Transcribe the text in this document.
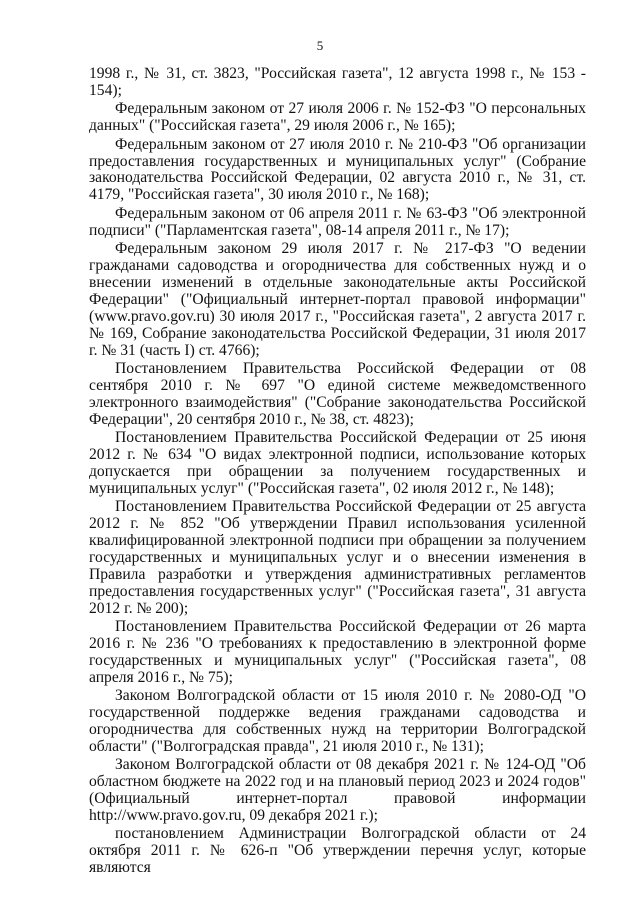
5

1998 г., № 31, ст. 3823, "Российская газета", 12 августа 1998 г., № 153 - 154);

Федеральным законом от 27 июля 2006 г. № 152-ФЗ "О персональных данных" ("Российская газета", 29 июля 2006 г., № 165);

Федеральным законом от 27 июля 2010 г. № 210-ФЗ "Об организации предоставления государственных и муниципальных услуг" (Собрание законодательства Российской Федерации, 02 августа 2010 г., № 31, ст. 4179, "Российская газета", 30 июля 2010 г., № 168);

Федеральным законом от 06 апреля 2011 г. № 63-ФЗ "Об электронной подписи" ("Парламентская газета", 08-14 апреля 2011 г., № 17);

Федеральным законом 29 июля 2017 г. № 217-ФЗ "О ведении гражданами садоводства и огородничества для собственных нужд и о внесении изменений в отдельные законодательные акты Российской Федерации" ("Официальный интернет-портал правовой информации" (www.pravo.gov.ru) 30 июля 2017 г., "Российская газета", 2 августа 2017 г. № 169, Собрание законодательства Российской Федерации, 31 июля 2017 г. № 31 (часть I) ст. 4766);

Постановлением Правительства Российской Федерации от 08 сентября 2010 г. № 697 "О единой системе межведомственного электронного взаимодействия" ("Собрание законодательства Российской Федерации", 20 сентября 2010 г., № 38, ст. 4823);

Постановлением Правительства Российской Федерации от 25 июня 2012 г. № 634 "О видах электронной подписи, использование которых допускается при обращении за получением государственных и муниципальных услуг" ("Российская газета", 02 июля 2012 г., № 148);

Постановлением Правительства Российской Федерации от 25 августа 2012 г. № 852 "Об утверждении Правил использования усиленной квалифицированной электронной подписи при обращении за получением государственных и муниципальных услуг и о внесении изменения в Правила разработки и утверждения административных регламентов предоставления государственных услуг" ("Российская газета", 31 августа 2012 г. № 200);

Постановлением Правительства Российской Федерации от 26 марта 2016 г. № 236 "О требованиях к предоставлению в электронной форме государственных и муниципальных услуг" ("Российская газета", 08 апреля 2016 г., № 75);

Законом Волгоградской области от 15 июля 2010 г. № 2080-ОД "О государственной поддержке ведения гражданами садоводства и огородничества для собственных нужд на территории Волгоградской области" ("Волгоградская правда", 21 июля 2010 г., № 131);

Законом Волгоградской области от 08 декабря 2021 г. № 124-ОД "Об областном бюджете на 2022 год и на плановый период 2023 и 2024 годов" (Официальный интернет-портал правовой информации http://www.pravo.gov.ru, 09 декабря 2021 г.);

постановлением Администрации Волгоградской области от 24 октября 2011 г. № 626-п "Об утверждении перечня услуг, которые являются
